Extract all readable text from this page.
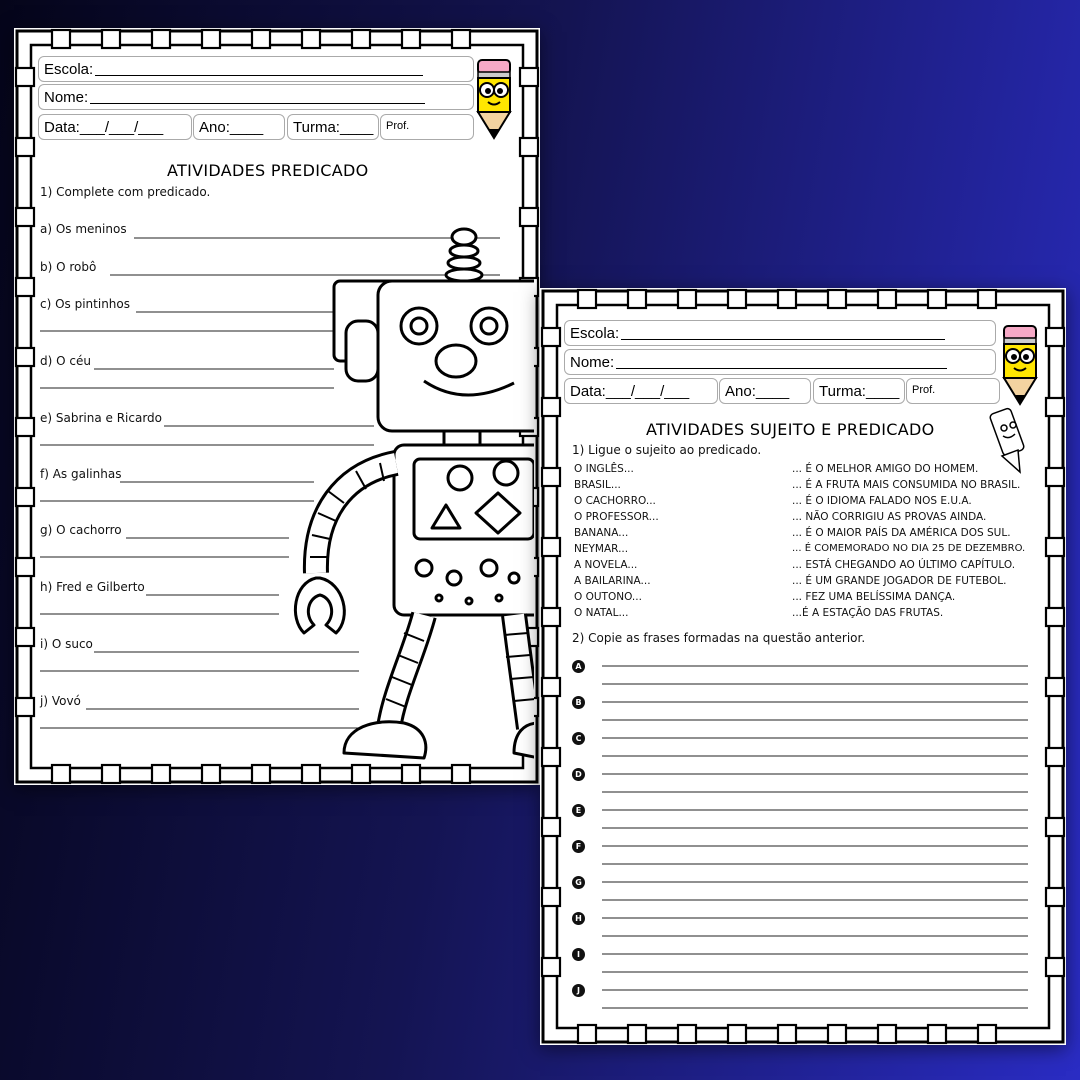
Escola:
Nome:
Data:___/___/___ Ano:____ Turma:____ Prof.
ATIVIDADES PREDICADO
1) Complete com predicado.
a) Os meninos
b) O robô
c) Os pintinhos
d) O céu
e) Sabrina e Ricardo
f) As galinhas
g) O cachorro
h) Fred e Gilberto
i) O suco
j) Vovó
Escola:
Nome:
Data:___/___/___ Ano:____ Turma:____ Prof.
ATIVIDADES SUJEITO E PREDICADO
1) Ligue o sujeito ao predicado.
O INGLÊS...
BRASIL...
O CACHORRO...
O PROFESSOR...
BANANA...
NEYMAR...
A NOVELA...
A BAILARINA...
O OUTONO...
O NATAL...
... É O MELHOR AMIGO DO HOMEM.
... É A FRUTA MAIS CONSUMIDA NO BRASIL.
... É O IDIOMA FALADO NOS E.U.A.
... NÃO CORRIGIU AS PROVAS AINDA.
... É O MAIOR PAÍS DA AMÉRICA DOS SUL.
... É COMEMORADO NO DIA 25 DE DEZEMBRO.
... ESTÁ CHEGANDO AO ÚLTIMO CAPÍTULO.
... É UM GRANDE JOGADOR DE FUTEBOL.
... FEZ UMA BELÍSSIMA DANÇA.
...É A ESTAÇÃO DAS FRUTAS.
2) Copie as frases formadas na questão anterior.
A
B
C
D
E
F
G
H
I
J
